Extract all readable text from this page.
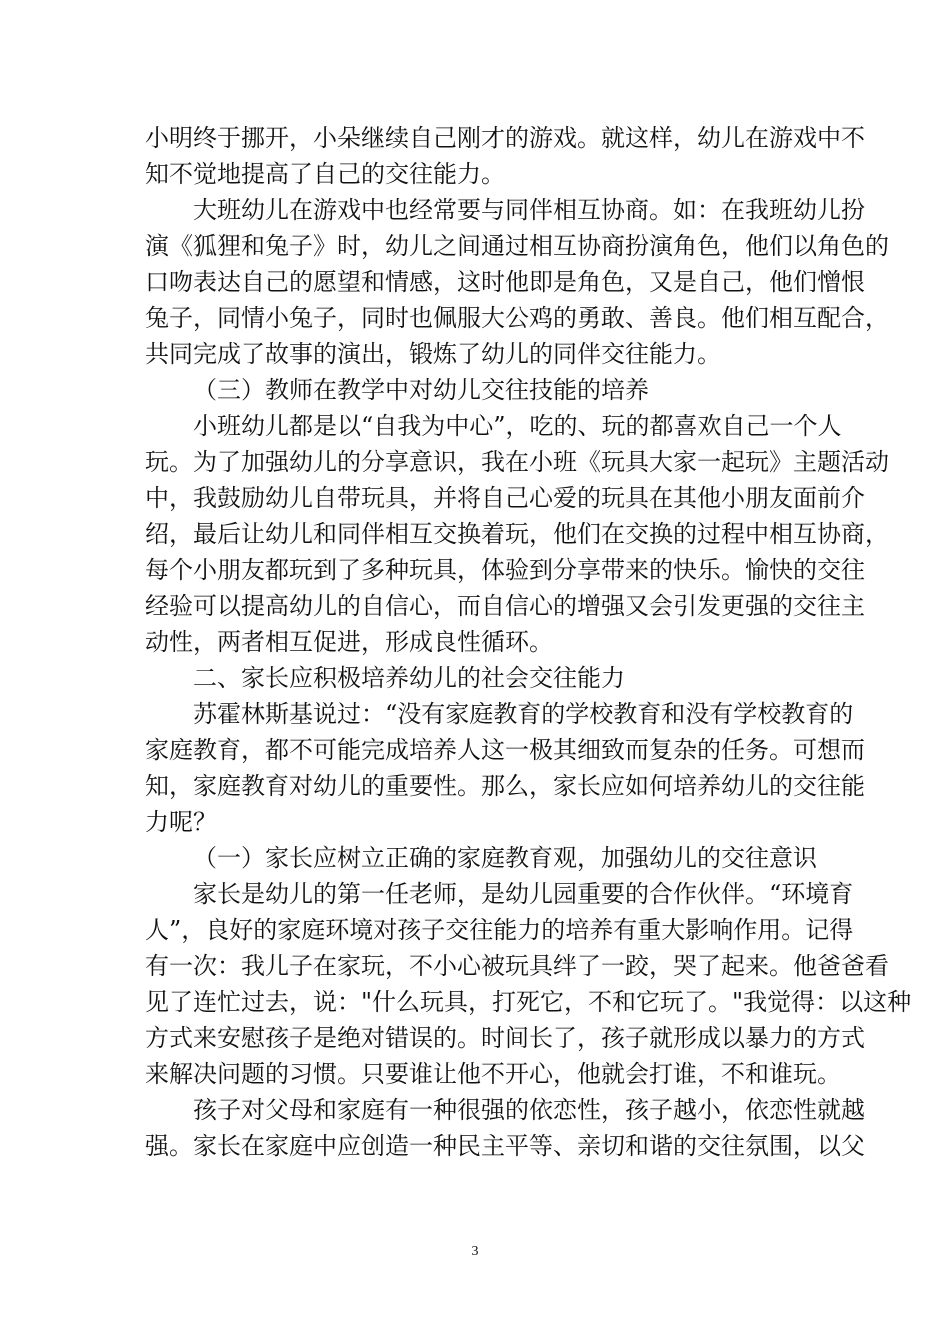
小明终于挪开，小朵继续自己刚才的游戏。就这样，幼儿在游戏中不

知不觉地提高了自己的交往能力。

大班幼儿在游戏中也经常要与同伴相互协商。如：在我班幼儿扮

演《狐狸和兔子》时，幼儿之间通过相互协商扮演角色，他们以角色的

口吻表达自己的愿望和情感，这时他即是角色，又是自己，他们憎恨

兔子，同情小兔子，同时也佩服大公鸡的勇敢、善良。他们相互配合，

共同完成了故事的演出，锻炼了幼儿的同伴交往能力。

（三）教师在教学中对幼儿交往技能的培养

小班幼儿都是以“自我为中心”，吃的、玩的都喜欢自己一个人

玩。为了加强幼儿的分享意识，我在小班《玩具大家一起玩》主题活动

中，我鼓励幼儿自带玩具，并将自己心爱的玩具在其他小朋友面前介

绍，最后让幼儿和同伴相互交换着玩，他们在交换的过程中相互协商，

每个小朋友都玩到了多种玩具，体验到分享带来的快乐。愉快的交往

经验可以提高幼儿的自信心，而自信心的增强又会引发更强的交往主

动性，两者相互促进，形成良性循环。

二、家长应积极培养幼儿的社会交往能力

苏霍林斯基说过：“没有家庭教育的学校教育和没有学校教育的

家庭教育，都不可能完成培养人这一极其细致而复杂的任务。可想而

知，家庭教育对幼儿的重要性。那么，家长应如何培养幼儿的交往能

力呢？

（一）家长应树立正确的家庭教育观，加强幼儿的交往意识

家长是幼儿的第一任老师，是幼儿园重要的合作伙伴。“环境育

人”，良好的家庭环境对孩子交往能力的培养有重大影响作用。记得

有一次：我儿子在家玩，不小心被玩具绊了一跤，哭了起来。他爸爸看

见了连忙过去，说："什么玩具，打死它，不和它玩了。"我觉得：以这种

方式来安慰孩子是绝对错误的。时间长了，孩子就形成以暴力的方式

来解决问题的习惯。只要谁让他不开心，他就会打谁，不和谁玩。

孩子对父母和家庭有一种很强的依恋性，孩子越小，依恋性就越

强。家长在家庭中应创造一种民主平等、亲切和谐的交往氛围，以父

3
